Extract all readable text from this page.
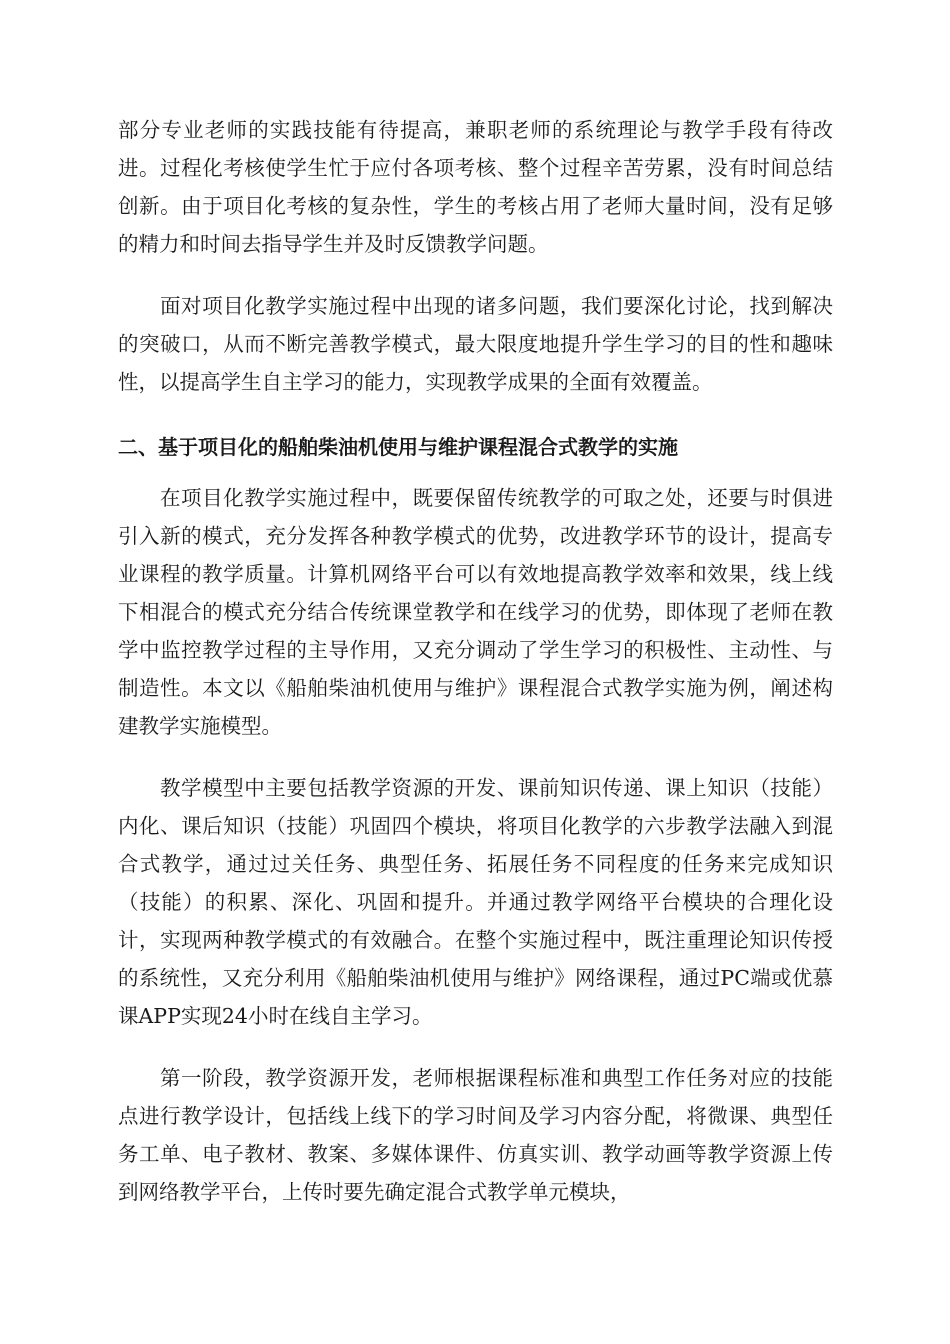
部分专业老师的实践技能有待提高，兼职老师的系统理论与教学手段有待改进。过程化考核使学生忙于应付各项考核、整个过程辛苦劳累，没有时间总结创新。由于项目化考核的复杂性，学生的考核占用了老师大量时间，没有足够的精力和时间去指导学生并及时反馈教学问题。

面对项目化教学实施过程中出现的诸多问题，我们要深化讨论，找到解决的突破口，从而不断完善教学模式，最大限度地提升学生学习的目的性和趣味性，以提高学生自主学习的能力，实现教学成果的全面有效覆盖。

二、基于项目化的船舶柴油机使用与维护课程混合式教学的实施

在项目化教学实施过程中，既要保留传统教学的可取之处，还要与时俱进引入新的模式，充分发挥各种教学模式的优势，改进教学环节的设计，提高专业课程的教学质量。计算机网络平台可以有效地提高教学效率和效果，线上线下相混合的模式充分结合传统课堂教学和在线学习的优势，即体现了老师在教学中监控教学过程的主导作用，又充分调动了学生学习的积极性、主动性、与制造性。本文以《船舶柴油机使用与维护》课程混合式教学实施为例，阐述构建教学实施模型。

教学模型中主要包括教学资源的开发、课前知识传递、课上知识（技能）内化、课后知识（技能）巩固四个模块，将项目化教学的六步教学法融入到混合式教学，通过过关任务、典型任务、拓展任务不同程度的任务来完成知识（技能）的积累、深化、巩固和提升。并通过教学网络平台模块的合理化设计，实现两种教学模式的有效融合。在整个实施过程中，既注重理论知识传授的系统性，又充分利用《船舶柴油机使用与维护》网络课程，通过PC端或优慕课APP实现24小时在线自主学习。

第一阶段，教学资源开发，老师根据课程标准和典型工作任务对应的技能点进行教学设计，包括线上线下的学习时间及学习内容分配，将微课、典型任务工单、电子教材、教案、多媒体课件、仿真实训、教学动画等教学资源上传到网络教学平台，上传时要先确定混合式教学单元模块，
